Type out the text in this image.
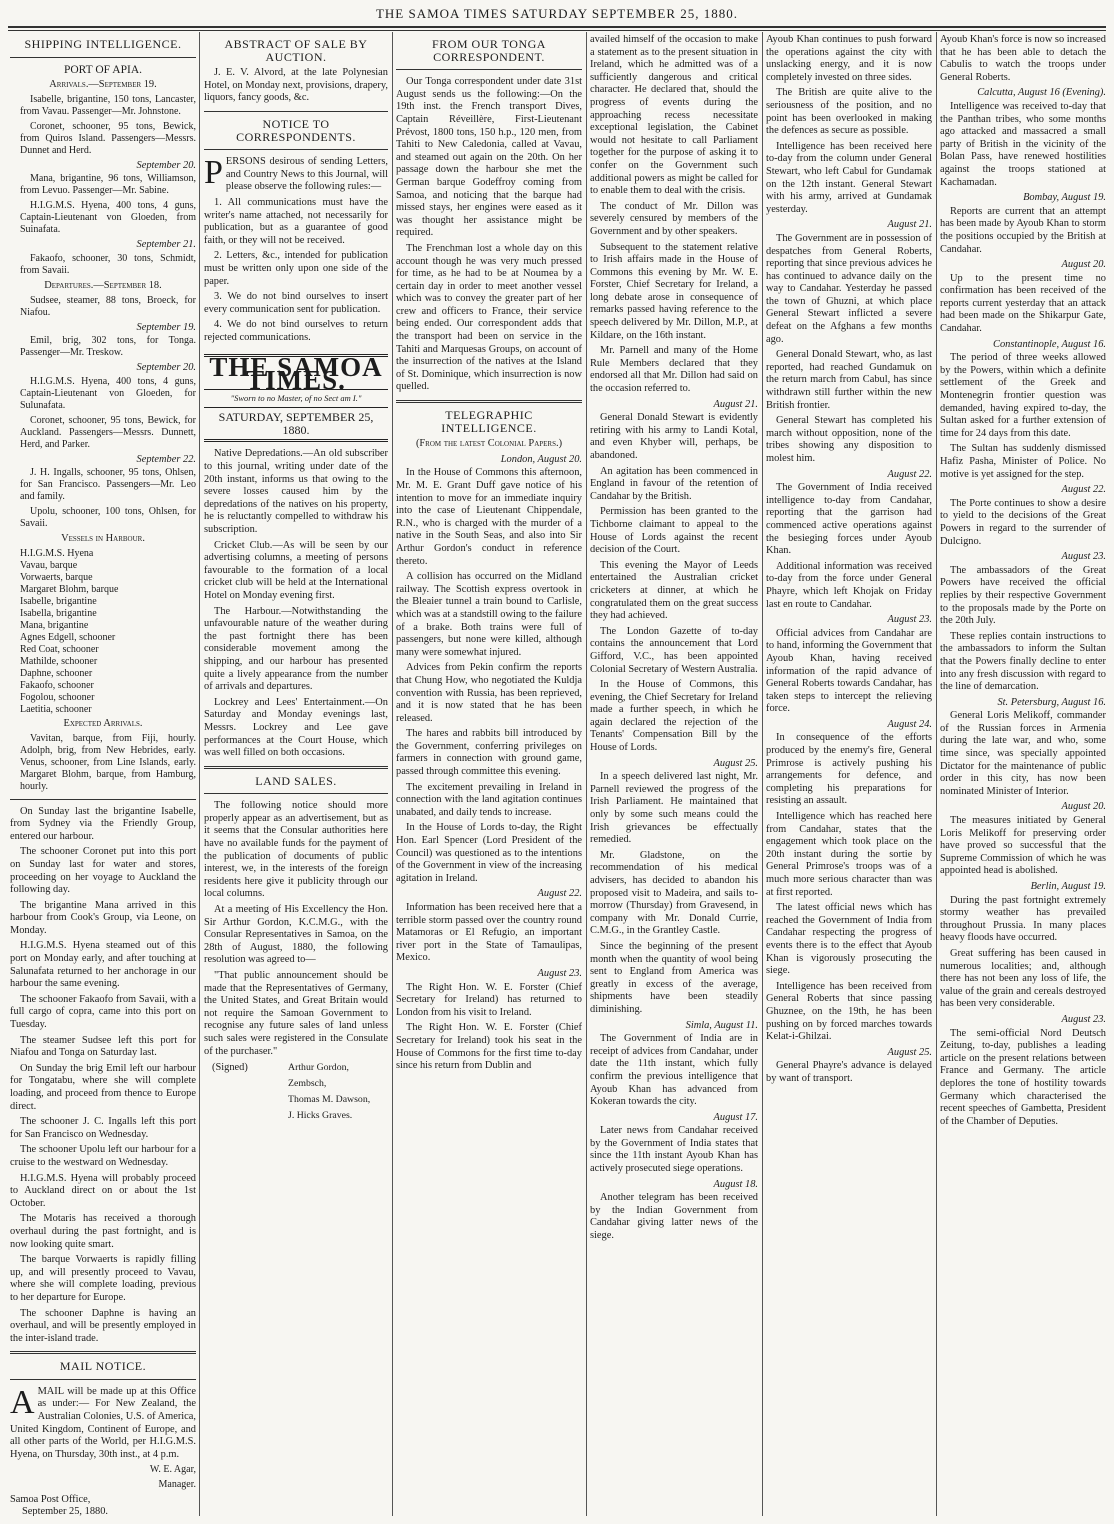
THE SAMOA TIMES SATURDAY SEPTEMBER 25, 1880.
SHIPPING INTELLIGENCE.
PORT OF APIA.
Arrivals.—September 19.

Isabelle, brigantine, 150 tons, Lancaster, from Vavau. Passenger—Mr. Johnstone.

Coronet, schooner, 95 tons, Bewick, from Quiros Island. Passengers—Messrs. Dunnet and Herd.

September 20.

Mana, brigantine, 96 tons, Williamson, from Levuo. Passenger—Mr. Sabine.

H.I.G.M.S. Hyena, 400 tons, 4 guns, Captain-Lieutenant von Gloeden, from Suinafata.

September 21.

Fakaofo, schooner, 30 tons, Schmidt, from Savaii.

Departures.—September 18.

Sudsee, steamer, 88 tons, Broeck, for Niafou.

September 19.

Emil, brig, 302 tons, for Tonga. Passenger—Mr. Treskow.

September 20.

H.I.G.M.S. Hyena, 400 tons, 4 guns, Captain-Lieutenant von Gloeden, for Sulunafata.

Coronet, schooner, 95 tons, Bewick, for Auckland. Passengers—Messrs. Dunnett, Herd, and Parker.

September 22.

J. H. Ingalls, schooner, 95 tons, Ohlsen, for San Francisco. Passengers—Mr. Leo and family.

Upolu, schooner, 100 tons, Ohlsen, for Savaii.

Vessels in Harbour.
H.I.G.M.S. Hyena
Vavau, barque
Vorwaerts, barque
Margaret Blohm, barque
Isabelle, brigantine
Isabella, brigantine
Mana, brigantine
Agnes Edgell, schooner
Red Coat, schooner
Mathilde, schooner
Daphne, schooner
Fakaofo, schooner
Fogolou, schooner
Laetitia, schooner
Expected Arrivals.

Vavitan, barque, from Fiji, hourly. Adolph, brig, from New Hebrides, early. Venus, schooner, from Line Islands, early. Margaret Blohm, barque, from Hamburg, hourly.

On Sunday last the brigantine Isabelle, from Sydney via the Friendly Group, entered our harbour.

The schooner Coronet put into this port on Sunday last for water and stores, proceeding on her voyage to Auckland the following day.

The brigantine Mana arrived in this harbour from Cook's Group, via Leone, on Monday.

H.I.G.M.S. Hyena steamed out of this port on Monday early, and after touching at Salunafata returned to her anchorage in our harbour the same evening.

The schooner Fakaofo from Savaii, with a full cargo of copra, came into this port on Tuesday.

The steamer Sudsee left this port for Niafou and Tonga on Saturday last.

On Sunday the brig Emil left our harbour for Tongatabu, where she will complete loading, and proceed from thence to Europe direct.

The schooner J. C. Ingalls left this port for San Francisco on Wednesday.

The schooner Upolu left our harbour for a cruise to the westward on Wednesday.

H.I.G.M.S. Hyena will probably proceed to Auckland direct on or about the 1st October.

The Motaris has received a thorough overhaul during the past fortnight, and is now looking quite smart.

The barque Vorwaerts is rapidly filling up, and will presently proceed to Vavau, where she will complete loading, previous to her departure for Europe.

The schooner Daphne is having an overhaul, and will be presently employed in the inter-island trade.

MAIL NOTICE.

AMAIL will be made up at this Office as under:— For New Zealand, the Australian Colonies, U.S. of America, United Kingdom, Continent of Europe, and all other parts of the World, per H.I.G.M.S. Hyena, on Thursday, 30th inst., at 4 p.m.

W. E. Agar,
Manager.
Samoa Post Office,
September 25, 1880.
ABSTRACT OF SALE BY AUCTION.

J. E. V. Alvord, at the late Polynesian Hotel, on Monday next, provisions, drapery, liquors, fancy goods, &c.

NOTICE TO CORRESPONDENTS.

PERSONS desirous of sending Letters, and Country News to this Journal, will please observe the following rules:—

1. All communications must have the writer's name attached, not necessarily for publication, but as a guarantee of good faith, or they will not be received.

2. Letters, &c., intended for publication must be written only upon one side of the paper.

3. We do not bind ourselves to insert every communication sent for publication.

4. We do not bind ourselves to return rejected communications.

THE SAMOA TIMES.
"Sworn to no Master, of no Sect am I."
SATURDAY, SEPTEMBER 25, 1880.

Native Depredations.—An old subscriber to this journal, writing under date of the 20th instant, informs us that owing to the severe losses caused him by the depredations of the natives on his property, he is reluctantly compelled to withdraw his subscription.

Cricket Club.—As will be seen by our advertising columns, a meeting of persons favourable to the formation of a local cricket club will be held at the International Hotel on Monday evening first.

The Harbour.—Notwithstanding the unfavourable nature of the weather during the past fortnight there has been considerable movement among the shipping, and our harbour has presented quite a lively appearance from the number of arrivals and departures.

Lockrey and Lees' Entertainment.—On Saturday and Monday evenings last, Messrs. Lockrey and Lee gave performances at the Court House, which was well filled on both occasions.

LAND SALES.

The following notice should more properly appear as an advertisement, but as it seems that the Consular authorities here have no available funds for the payment of the publication of documents of public interest, we, in the interests of the foreign residents here give it publicity through our local columns.

At a meeting of His Excellency the Hon. Sir Arthur Gordon, K.C.M.G., with the Consular Representatives in Samoa, on the 28th of August, 1880, the following resolution was agreed to—

"That public announcement should be made that the Representatives of Germany, the United States, and Great Britain would not require the Samoan Government to recognise any future sales of land unless such sales were registered in the Consulate of the purchaser."

(Signed)	Arthur Gordon,
Zembsch,
Thomas M. Dawson,
J. Hicks Graves.
FROM OUR TONGA CORRESPONDENT.

Our Tonga correspondent under date 31st August sends us the following:—On the 19th inst. the French transport Dives, Captain Réveillère, First-Lieutenant Prévost, 1800 tons, 150 h.p., 120 men, from Tahiti to New Caledonia, called at Vavau, and steamed out again on the 20th. On her passage down the harbour she met the German barque Godeffroy coming from Samoa, and noticing that the barque had missed stays, her engines were eased as it was thought her assistance might be required.

The Frenchman lost a whole day on this account though he was very much pressed for time, as he had to be at Noumea by a certain day in order to meet another vessel which was to convey the greater part of her crew and officers to France, their service being ended. Our correspondent adds that the transport had been on service in the Tahiti and Marquesas Groups, on account of the insurrection of the natives at the Island of St. Dominique, which insurrection is now quelled.

TELEGRAPHIC INTELLIGENCE.
(From the latest Colonial Papers.)
London, August 20.

In the House of Commons this afternoon, Mr. M. E. Grant Duff gave notice of his intention to move for an immediate inquiry into the case of Lieutenant Chippendale, R.N., who is charged with the murder of a native in the South Seas, and also into Sir Arthur Gordon's conduct in reference thereto.

A collision has occurred on the Midland railway. The Scottish express overtook in the Bleaier tunnel a train bound to Carlisle, which was at a standstill owing to the failure of a brake. Both trains were full of passengers, but none were killed, although many were somewhat injured.

Advices from Pekin confirm the reports that Chung How, who negotiated the Kuldja convention with Russia, has been reprieved, and it is now stated that he has been released.

The hares and rabbits bill introduced by the Government, conferring privileges on farmers in connection with ground game, passed through committee this evening.

The excitement prevailing in Ireland in connection with the land agitation continues unabated, and daily tends to increase.

In the House of Lords to-day, the Right Hon. Earl Spencer (Lord President of the Council) was questioned as to the intentions of the Government in view of the increasing agitation in Ireland.

August 22.

Information has been received here that a terrible storm passed over the country round Matamoras or El Refugio, an important river port in the State of Tamaulipas, Mexico.

August 23.

The Right Hon. W. E. Forster (Chief Secretary for Ireland) has returned to London from his visit to Ireland.

The Right Hon. W. E. Forster (Chief Secretary for Ireland) took his seat in the House of Commons for the first time to-day since his return from Dublin and

availed himself of the occasion to make a statement as to the present situation in Ireland, which he admitted was of a sufficiently dangerous and critical character. He declared that, should the progress of events during the approaching recess necessitate exceptional legislation, the Cabinet would not hesitate to call Parliament together for the purpose of asking it to confer on the Government such additional powers as might be called for to enable them to deal with the crisis.

The conduct of Mr. Dillon was severely censured by members of the Government and by other speakers.

Subsequent to the statement relative to Irish affairs made in the House of Commons this evening by Mr. W. E. Forster, Chief Secretary for Ireland, a long debate arose in consequence of remarks passed having reference to the speech delivered by Mr. Dillon, M.P., at Kildare, on the 16th instant.

Mr. Parnell and many of the Home Rule Members declared that they endorsed all that Mr. Dillon had said on the occasion referred to.

August 21.

General Donald Stewart is evidently retiring with his army to Landi Kotal, and even Khyber will, perhaps, be abandoned.

An agitation has been commenced in England in favour of the retention of Candahar by the British.

Permission has been granted to the Tichborne claimant to appeal to the House of Lords against the recent decision of the Court.

This evening the Mayor of Leeds entertained the Australian cricket cricketers at dinner, at which he congratulated them on the great success they had achieved.

The London Gazette of to-day contains the announcement that Lord Gifford, V.C., has been appointed Colonial Secretary of Western Australia.

In the House of Commons, this evening, the Chief Secretary for Ireland made a further speech, in which he again declared the rejection of the Tenants' Compensation Bill by the House of Lords.

August 25.

In a speech delivered last night, Mr. Parnell reviewed the progress of the Irish Parliament. He maintained that only by some such means could the Irish grievances be effectually remedied.

Mr. Gladstone, on the recommendation of his medical advisers, has decided to abandon his proposed visit to Madeira, and sails to-morrow (Thursday) from Gravesend, in company with Mr. Donald Currie, C.M.G., in the Grantley Castle.

Since the beginning of the present month when the quantity of wool being sent to England from America was greatly in excess of the average, shipments have been steadily diminishing.

Simla, August 11.

The Government of India are in receipt of advices from Candahar, under date the 11th instant, which fully confirm the previous intelligence that Ayoub Khan has advanced from Kokeran towards the city.

August 17.

Later news from Candahar received by the Government of India states that since the 11th instant Ayoub Khan has actively prosecuted siege operations.

August 18.

Another telegram has been received by the Indian Government from Candahar giving latter news of the siege.

Ayoub Khan continues to push forward the operations against the city with unslacking energy, and it is now completely invested on three sides.

The British are quite alive to the seriousness of the position, and no point has been overlooked in making the defences as secure as possible.

Intelligence has been received here to-day from the column under General Stewart, who left Cabul for Gundamak on the 12th instant. General Stewart with his army, arrived at Gundamak yesterday.

August 21.

The Government are in possession of despatches from General Roberts, reporting that since previous advices he has continued to advance daily on the way to Candahar. Yesterday he passed the town of Ghuzni, at which place General Stewart inflicted a severe defeat on the Afghans a few months ago.

General Donald Stewart, who, as last reported, had reached Gundamuk on the return march from Cabul, has since withdrawn still further within the new British frontier.

General Stewart has completed his march without opposition, none of the tribes showing any disposition to molest him.

August 22.

The Government of India received intelligence to-day from Candahar, reporting that the garrison had commenced active operations against the besieging forces under Ayoub Khan.

Additional information was received to-day from the force under General Phayre, which left Khojak on Friday last en route to Candahar.

August 23.

Official advices from Candahar are to hand, informing the Government that Ayoub Khan, having received information of the rapid advance of General Roberts towards Candahar, has taken steps to intercept the relieving force.

August 24.

In consequence of the efforts produced by the enemy's fire, General Primrose is actively pushing his arrangements for defence, and completing his preparations for resisting an assault.

Intelligence which has reached here from Candahar, states that the engagement which took place on the 20th instant during the sortie by General Primrose's troops was of a much more serious character than was at first reported.

The latest official news which has reached the Government of India from Candahar respecting the progress of events there is to the effect that Ayoub Khan is vigorously prosecuting the siege.

Intelligence has been received from General Roberts that since passing Ghuznee, on the 19th, he has been pushing on by forced marches towards Kelat-i-Ghilzai.

August 25.

General Phayre's advance is delayed by want of transport.

Ayoub Khan's force is now so increased that he has been able to detach the Cabulis to watch the troops under General Roberts.

Calcutta, August 16 (Evening).

Intelligence was received to-day that the Panthan tribes, who some months ago attacked and massacred a small party of British in the vicinity of the Bolan Pass, have renewed hostilities against the troops stationed at Kachamadan.

Bombay, August 19.

Reports are current that an attempt has been made by Ayoub Khan to storm the positions occupied by the British at Candahar.

August 20.

Up to the present time no confirmation has been received of the reports current yesterday that an attack had been made on the Shikarpur Gate, Candahar.

Constantinople, August 16.

The period of three weeks allowed by the Powers, within which a definite settlement of the Greek and Montenegrin frontier question was demanded, having expired to-day, the Sultan asked for a further extension of time for 24 days from this date.

The Sultan has suddenly dismissed Hafiz Pasha, Minister of Police. No motive is yet assigned for the step.

August 22.

The Porte continues to show a desire to yield to the decisions of the Great Powers in regard to the surrender of Dulcigno.

August 23.

The ambassadors of the Great Powers have received the official replies by their respective Government to the proposals made by the Porte on the 20th July.

These replies contain instructions to the ambassadors to inform the Sultan that the Powers finally decline to enter into any fresh discussion with regard to the line of demarcation.

St. Petersburg, August 16.

General Loris Melikoff, commander of the Russian forces in Armenia during the late war, and who, some time since, was specially appointed Dictator for the maintenance of public order in this city, has now been nominated Minister of Interior.

August 20.

The measures initiated by General Loris Melikoff for preserving order have proved so successful that the Supreme Commission of which he was appointed head is abolished.

Berlin, August 19.

During the past fortnight extremely stormy weather has prevailed throughout Prussia. In many places heavy floods have occurred.

Great suffering has been caused in numerous localities; and, although there has not been any loss of life, the value of the grain and cereals destroyed has been very considerable.

August 23.

The semi-official Nord Deutsch Zeitung, to-day, publishes a leading article on the present relations between France and Germany. The article deplores the tone of hostility towards Germany which characterised the recent speeches of Gambetta, President of the Chamber of Deputies.
